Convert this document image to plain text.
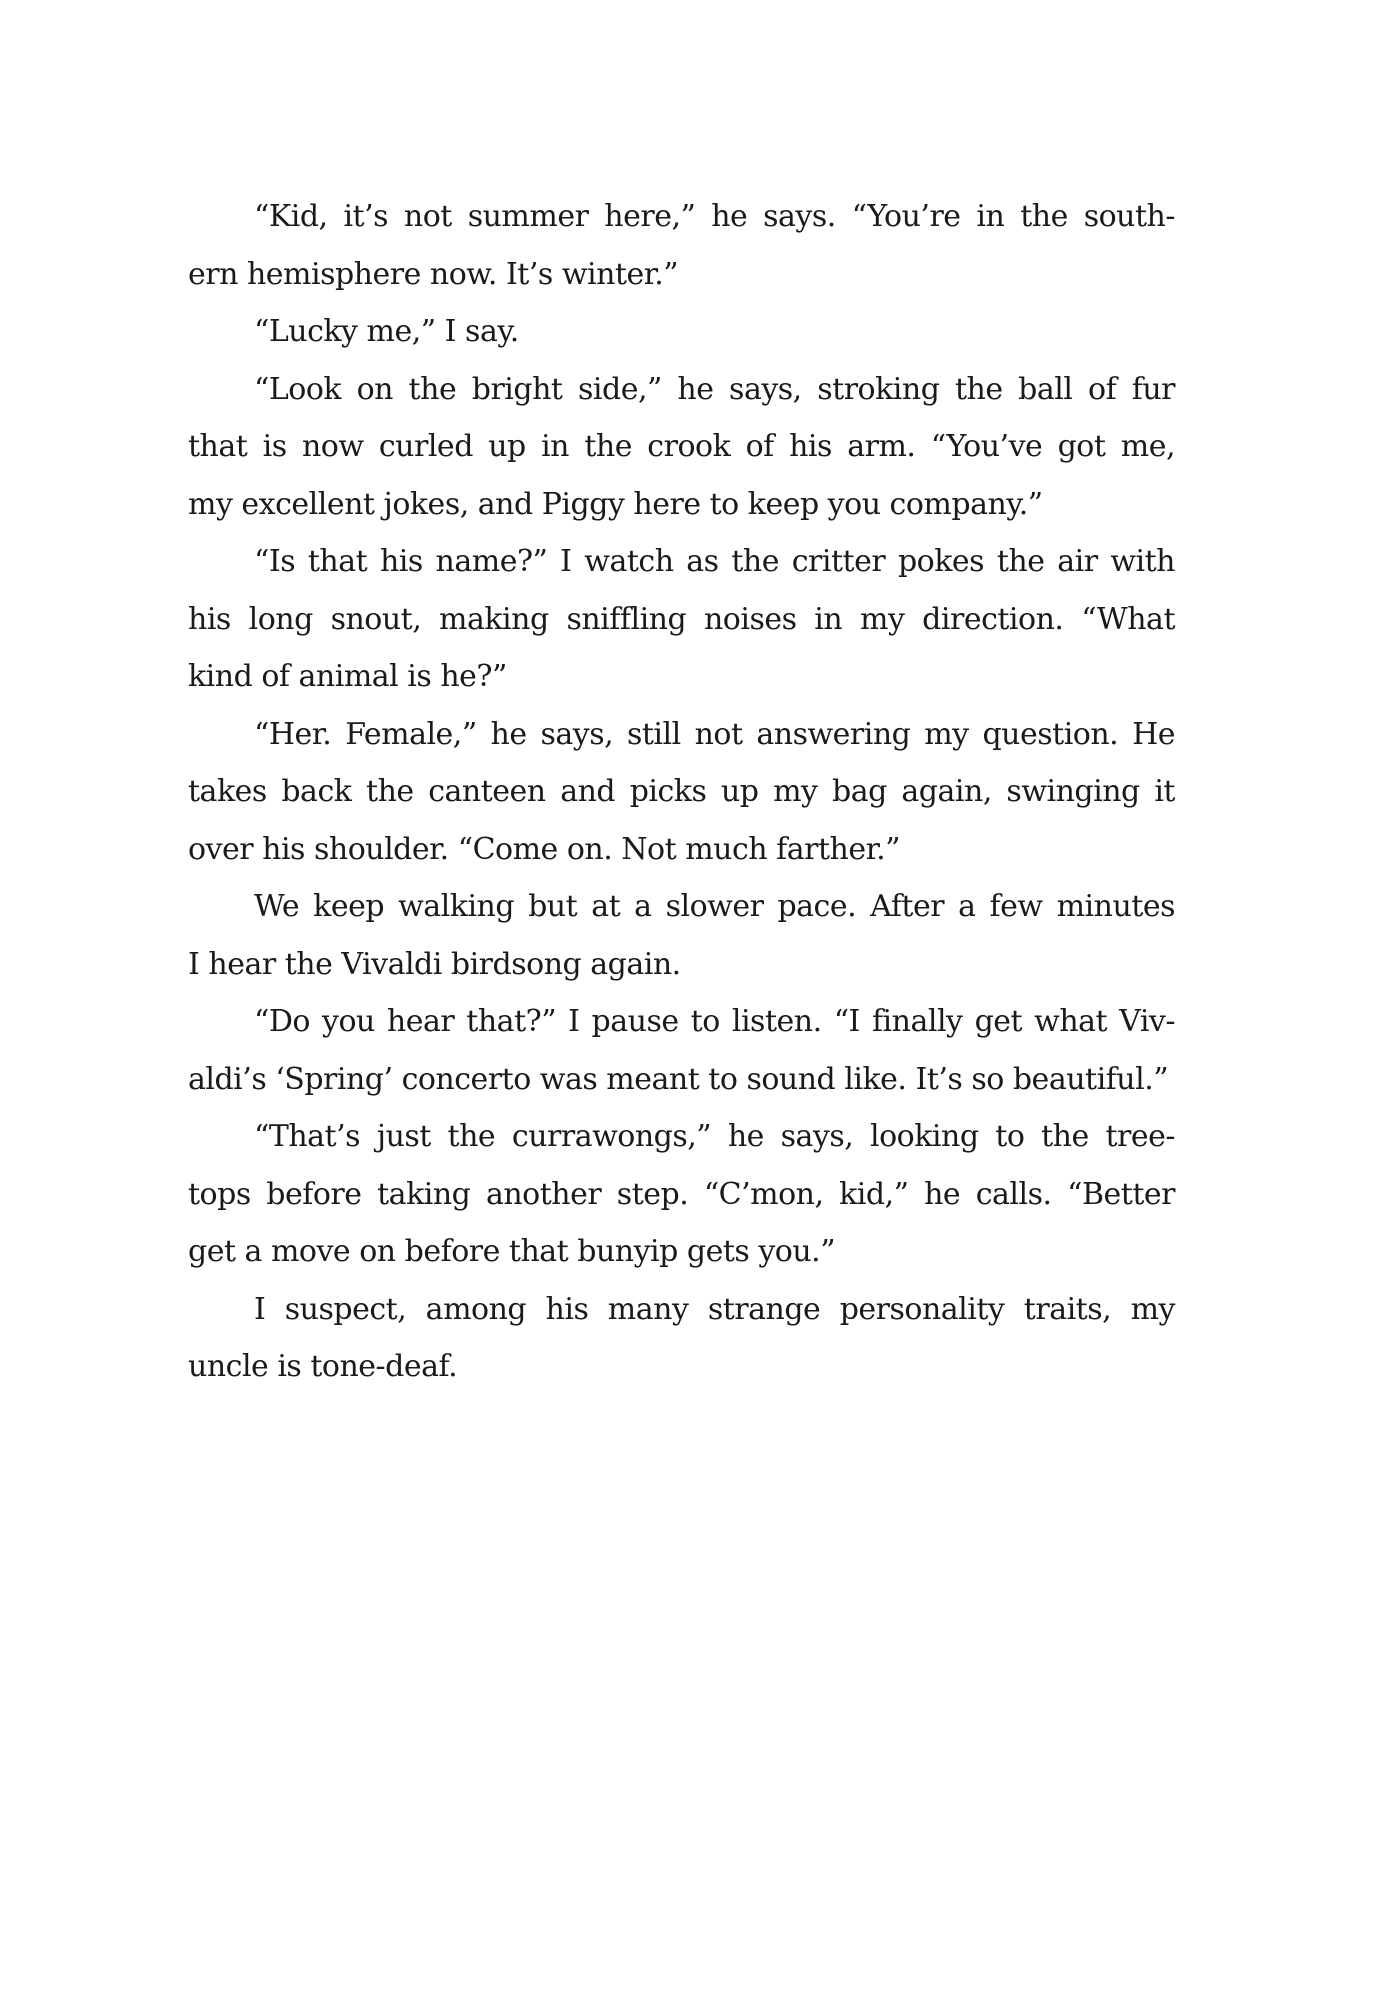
“Kid, it’s not summer here,” he says. “You’re in the south-
ern hemisphere now. It’s winter.”
“Lucky me,” I say.
“Look on the bright side,” he says, stroking the ball of fur
that is now curled up in the crook of his arm. “You’ve got me,
my excellent jokes, and Piggy here to keep you company.”
“Is that his name?” I watch as the critter pokes the air with
his long snout, making sniffling noises in my direction. “What
kind of animal is he?”
“Her. Female,” he says, still not answering my question. He
takes back the canteen and picks up my bag again, swinging it
over his shoulder. “Come on. Not much farther.”
We keep walking but at a slower pace. After a few minutes
I hear the Vivaldi birdsong again.
“Do you hear that?” I pause to listen. “I finally get what Viv-
aldi’s ‘Spring’ concerto was meant to sound like. It’s so beautiful.”
“That’s just the currawongs,” he says, looking to the tree-
tops before taking another step. “C’mon, kid,” he calls. “Better
get a move on before that bunyip gets you.”
I suspect, among his many strange personality traits, my
uncle is tone-deaf.
